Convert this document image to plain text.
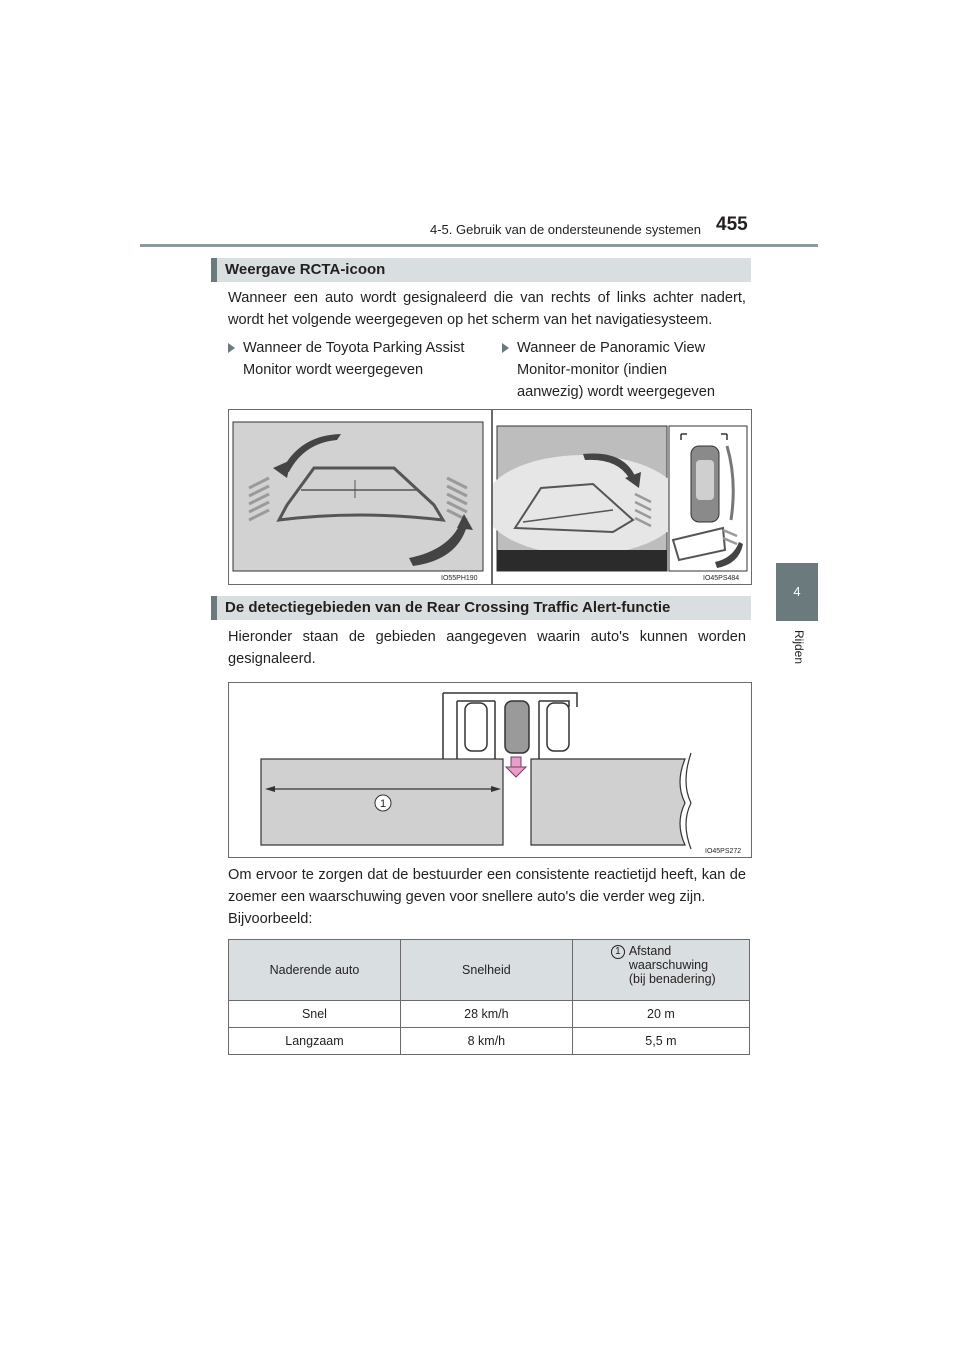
4-5. Gebruik van de ondersteunende systemen 455
4
Rijden
Weergave RCTA-icoon
Wanneer een auto wordt gesignaleerd die van rechts of links achter nadert, wordt het volgende weergegeven op het scherm van het navigatiesysteem.
Wanneer de Toyota Parking Assist
Monitor wordt weergegeven
Wanneer de Panoramic View
Monitor-monitor (indien
aanwezig) wordt weergegeven
IO55PH190	IO45PS484
De detectiegebieden van de Rear Crossing Traffic Alert-functie
Hieronder staan de gebieden aangegeven waarin auto's kunnen worden gesignaleerd.
1
IO45PS272
Om ervoor te zorgen dat de bestuurder een consistente reactietijd heeft, kan de zoemer een waarschuwing geven voor snellere auto's die verder weg zijn.
Bijvoorbeeld:
Naderende auto	Snelheid	1 Afstand
waarschuwing
(bij benadering)

Snel	28 km/h	20 m
Langzaam	8 km/h	5,5 m
